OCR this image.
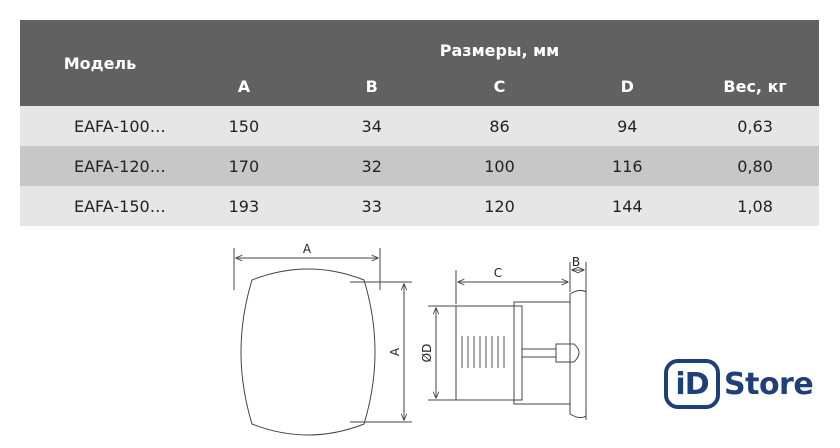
Модель	Размеры, мм				
	A	B	C	D	Вес, кг
EAFA-100…	150	34	86	94	0,63
EAFA-120…	170	32	100	116	0,80
EAFA-150…	193	33	120	144	1,08
A
A
C
B
ØD
iD Store
